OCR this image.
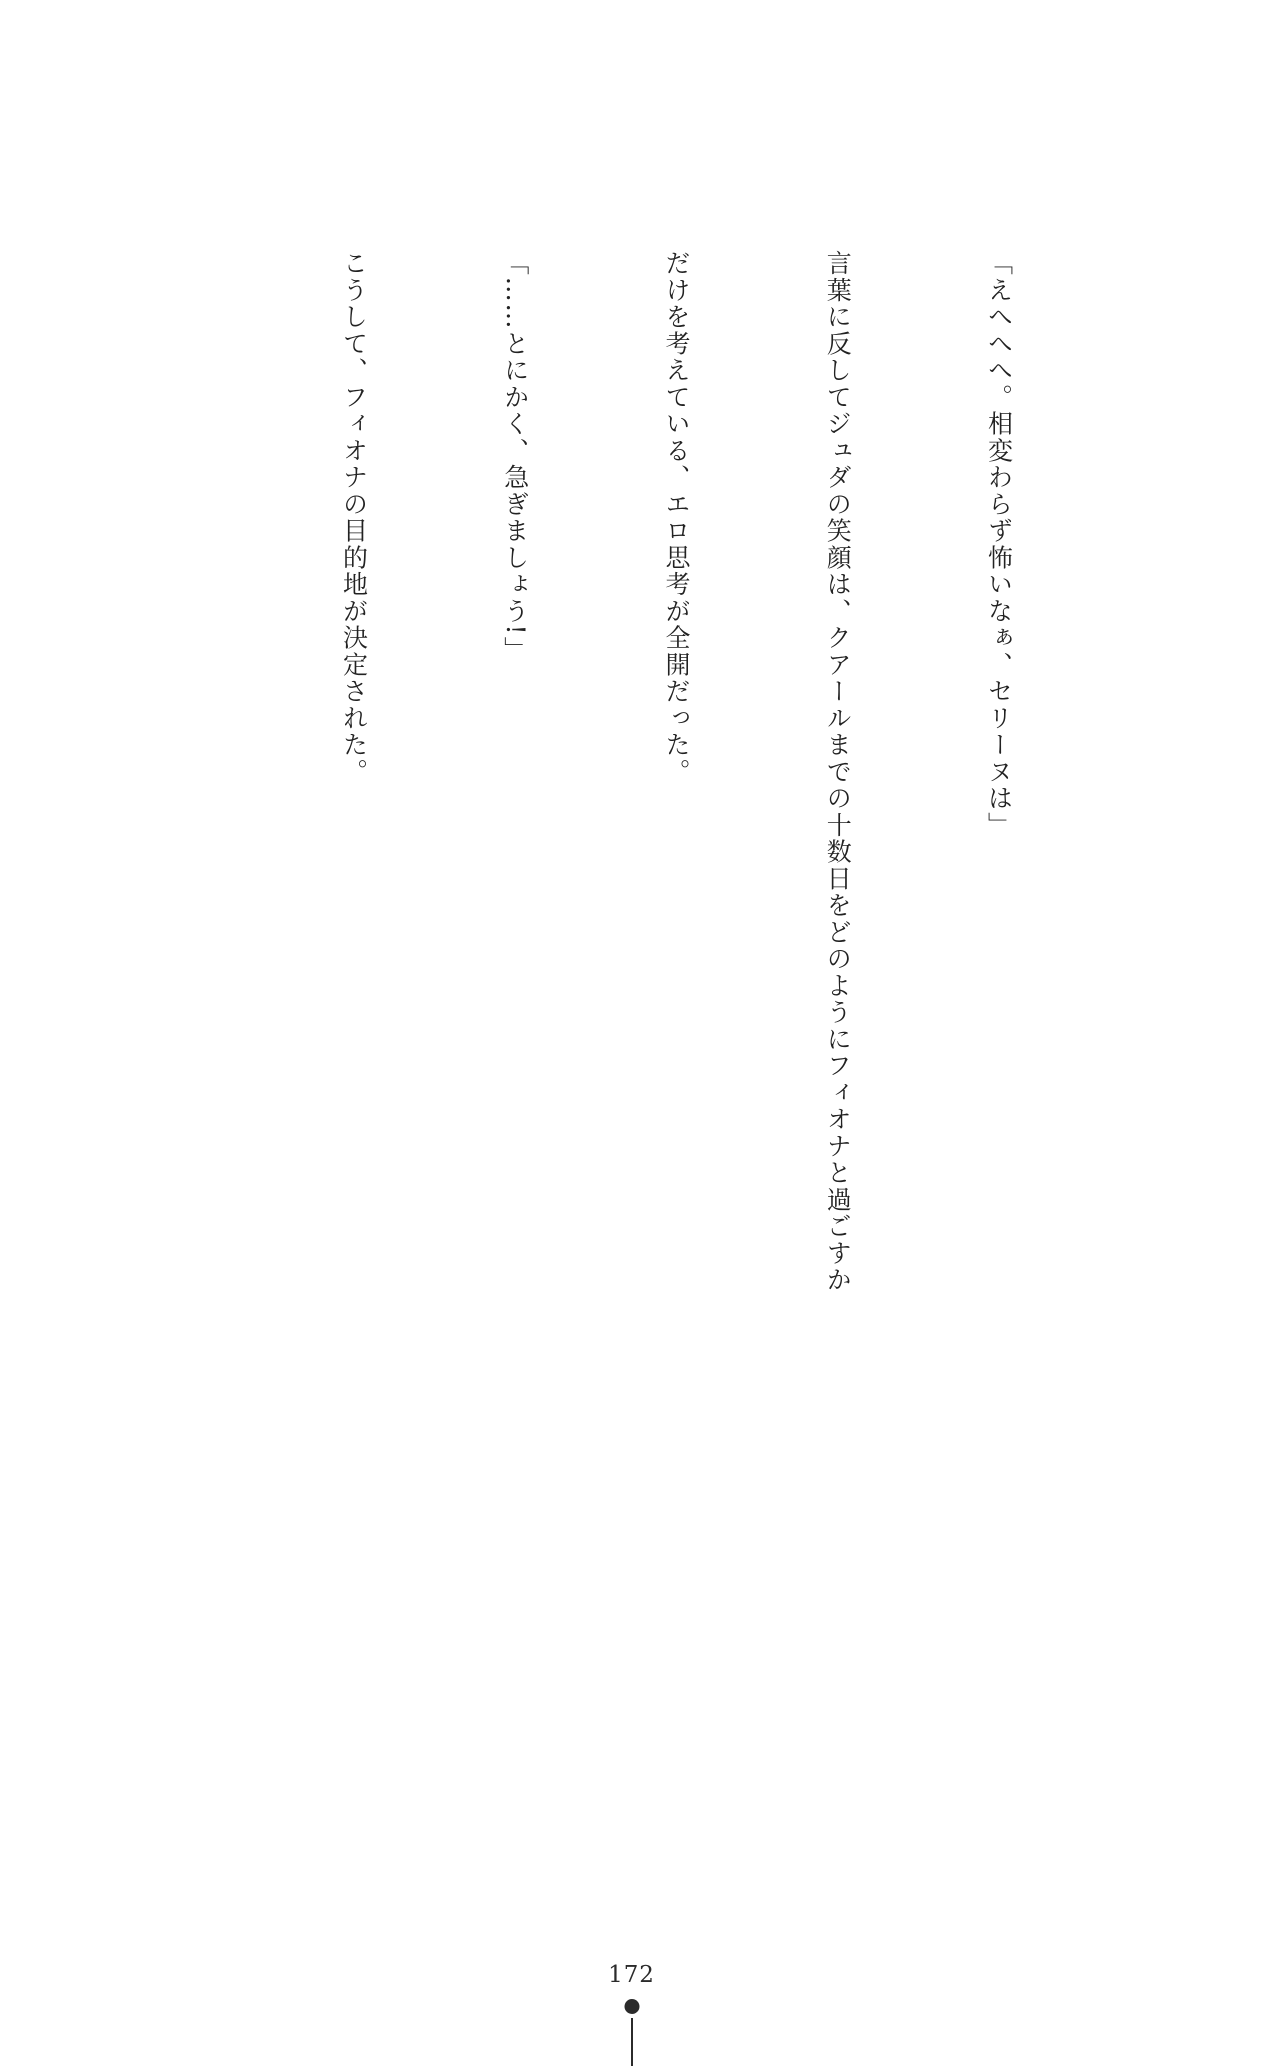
「えへへへ。相変わらず怖いなぁ、セリーヌは」

言葉に反してジュダの笑顔は、クアールまでの十数日をどのようにフィオナと過ごすか

だけを考えている、エロ思考が全開だった。

「……とにかく、急ぎましょう!」

こうして、フィオナの目的地が決定された。

172
